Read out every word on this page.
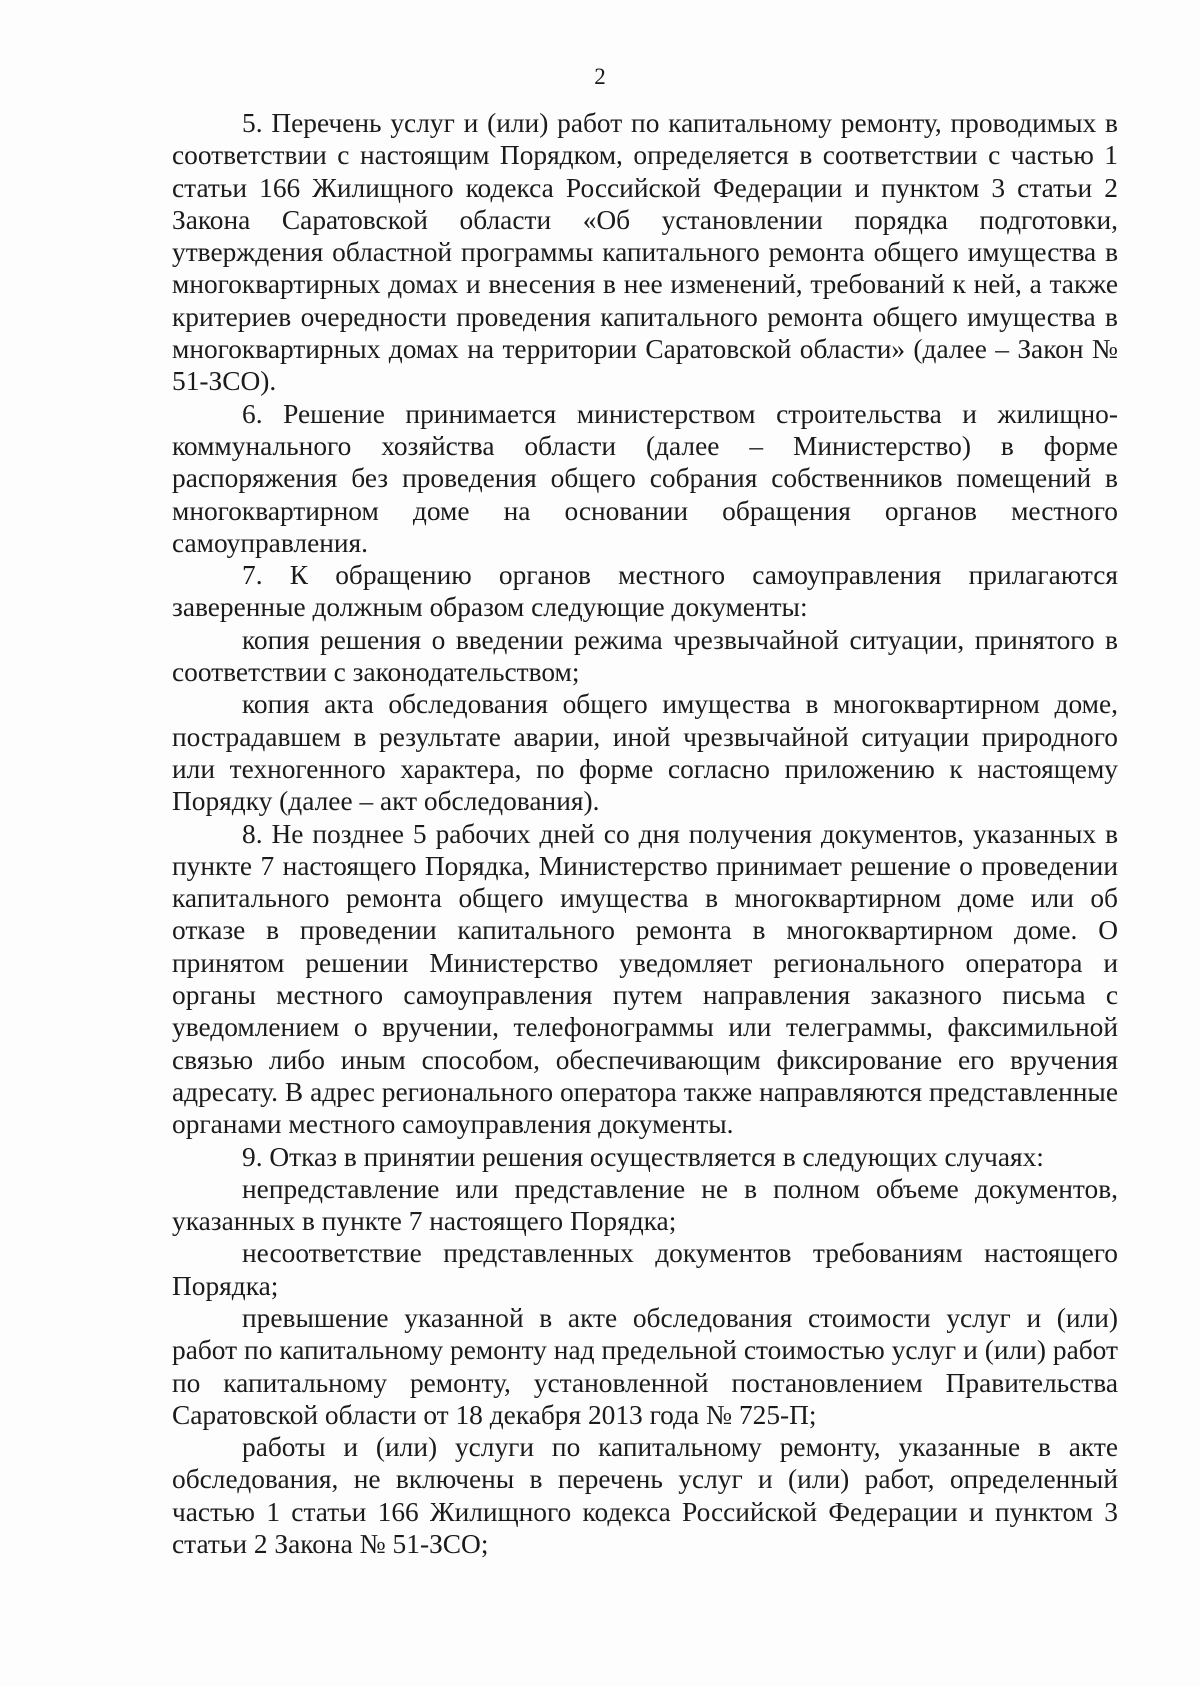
2

5. Перечень услуг и (или) работ по капитальному ремонту, проводимых в соответствии с настоящим Порядком, определяется в соответствии с частью 1 статьи 166 Жилищного кодекса Российской Федерации и пунктом 3 статьи 2 Закона Саратовской области «Об установлении порядка подготовки, утверждения областной программы капитального ремонта общего имущества в многоквартирных домах и внесения в нее изменений, требований к ней, а также критериев очередности проведения капитального ремонта общего имущества в многоквартирных домах на территории Саратовской области» (далее – Закон № 51-ЗСО).

6. Решение принимается министерством строительства и жилищно-коммунального хозяйства области (далее – Министерство) в форме распоряжения без проведения общего собрания собственников помещений в многоквартирном доме на основании обращения органов местного самоуправления.

7. К обращению органов местного самоуправления прилагаются заверенные должным образом следующие документы:

копия решения о введении режима чрезвычайной ситуации, принятого в соответствии с законодательством;

копия акта обследования общего имущества в многоквартирном доме, пострадавшем в результате аварии, иной чрезвычайной ситуации природного или техногенного характера, по форме согласно приложению к настоящему Порядку (далее – акт обследования).

8. Не позднее 5 рабочих дней со дня получения документов, указанных в пункте 7 настоящего Порядка, Министерство принимает решение о проведении капитального ремонта общего имущества в многоквартирном доме или об отказе в проведении капитального ремонта в многоквартирном доме. О принятом решении Министерство уведомляет регионального оператора и органы местного самоуправления путем направления заказного письма с уведомлением о вручении, телефонограммы или телеграммы, факсимильной связью либо иным способом, обеспечивающим фиксирование его вручения адресату. В адрес регионального оператора также направляются представленные органами местного самоуправления документы.

9. Отказ в принятии решения осуществляется в следующих случаях:

непредставление или представление не в полном объеме документов, указанных в пункте 7 настоящего Порядка;

несоответствие представленных документов требованиям настоящего Порядка;

превышение указанной в акте обследования стоимости услуг и (или) работ по капитальному ремонту над предельной стоимостью услуг и (или) работ по капитальному ремонту, установленной постановлением Правительства Саратовской области от 18 декабря 2013 года № 725-П;

работы и (или) услуги по капитальному ремонту, указанные в акте обследования, не включены в перечень услуг и (или) работ, определенный частью 1 статьи 166 Жилищного кодекса Российской Федерации и пунктом 3 статьи 2 Закона № 51-ЗСО;
